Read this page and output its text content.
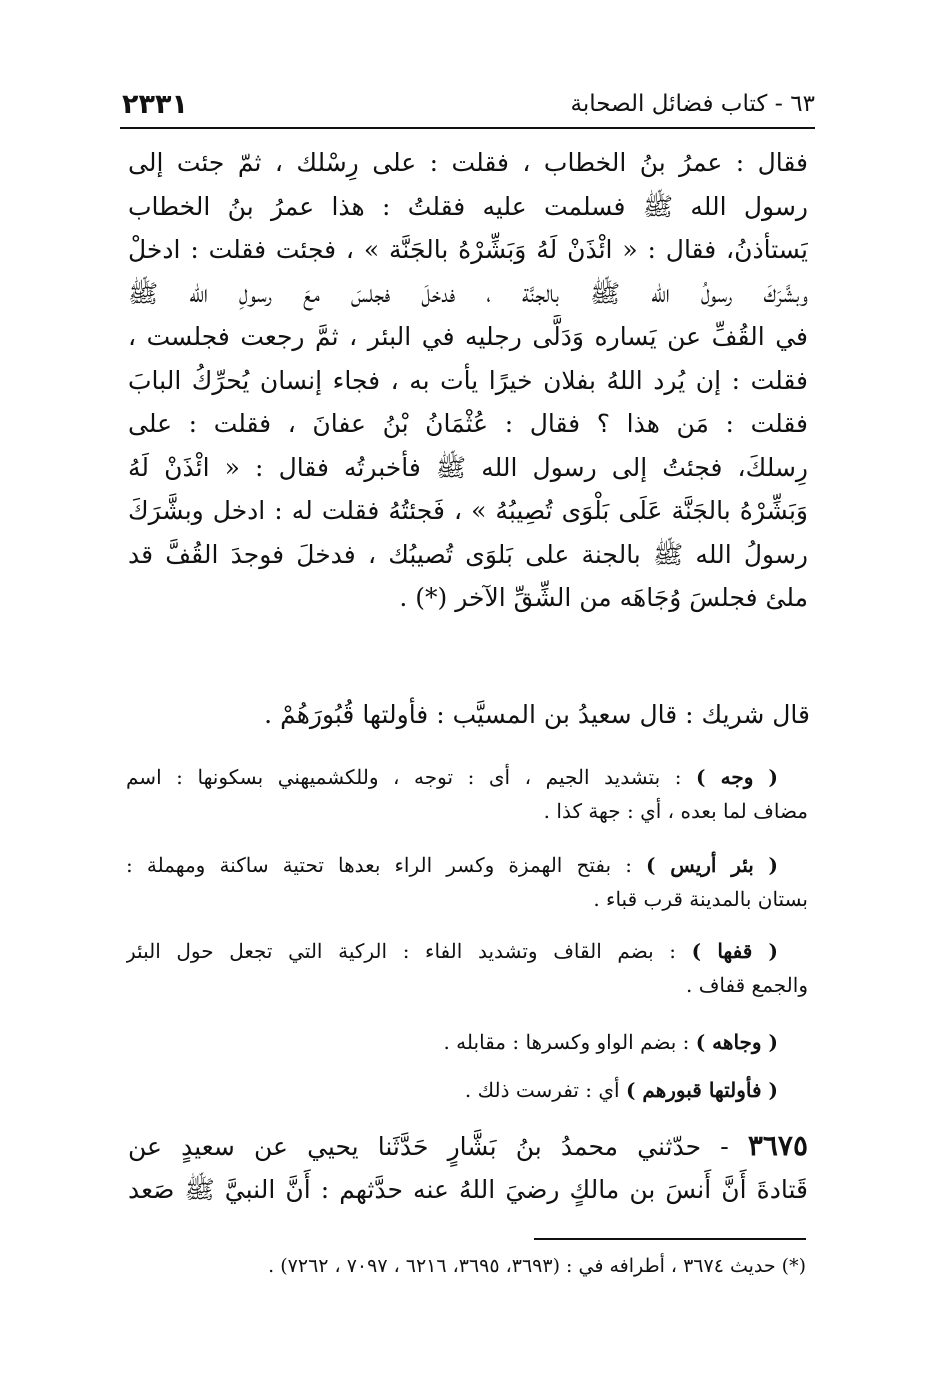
٦٣ - كتاب فضائل الصحابة
٢٣٣١
فقال : عمرُ بنُ الخطاب ، فقلت : على رِسْلك ، ثمّ جئت إلى
رسول الله ﷺ فسلمت عليه فقلتُ : هذا عمرُ بنُ الخطاب
يَستأذنُ، فقال : « ائْذَنْ لَهُ وَبَشِّرْهُ بالجَنَّة » ، فجئت فقلت : ادخلْ
وبشَّرَكَ رسولُ الله ﷺ بالجنَّة ، فدخلَ فجلسَ معَ رسولِ الله ﷺ
في القُفِّ عن يَساره وَدَلَّى رجليه في البئر ، ثمَّ رجعت فجلست ،
فقلت : إن يُرد اللهُ بفلان خيرًا يأت به ، فجاء إنسان يُحرِّكُ البابَ
فقلت : مَن هذا ؟ فقال : عُثْمَانُ بْنُ عفانَ ، فقلت : على
رِسلكَ، فجئتُ إلى رسول الله ﷺ فأخبرتُه فقال : « ائْذَنْ لَهُ
وَبَشِّرْهُ بالجَنَّة عَلَى بَلْوَى تُصِيبُهُ » ، فَجئتُهُ فقلت له : ادخل وبشَّرَكَ
رسولُ الله ﷺ بالجنة على بَلوَى تُصيبُك ، فدخلَ فوجدَ القُفَّ قد
ملئ فجلسَ وُجَاهَه من الشِّقِّ الآخر (*) .
قال شريك : قال سعيدُ بن المسيَّب : فأولتها قُبُورَهُمْ .
( وجه ) : بتشديد الجيم ، أى : توجه ، وللكشميهني بسكونها : اسم
مضاف لما بعده ، أي : جهة كذا .
( بئر أريس ) : بفتح الهمزة وكسر الراء بعدها تحتية ساكنة ومهملة :
بستان بالمدينة قرب قباء .
( قفها ) : بضم القاف وتشديد الفاء : الركية التي تجعل حول البئر
والجمع قفاف .
( وجاهه ) : بضم الواو وكسرها : مقابله .
( فأولتها قبورهم ) أي : تفرست ذلك .
٣٦٧٥ - حدّثني محمدُ بنُ بَشَّارٍ حَدَّثَنا يحيي عن سعيدٍ عن
قَتادةَ أَنَّ أَنسَ بن مالكٍ رضيَ اللهُ عنه حدَّثهم : أَنَّ النبيَّ ﷺ صَعد
(*) حديث ٣٦٧٤ ، أطرافه في : (٣٦٩٣، ٣٦٩٥، ٦٢١٦ ، ٧٠٩٧ ، ٧٢٦٢) .
